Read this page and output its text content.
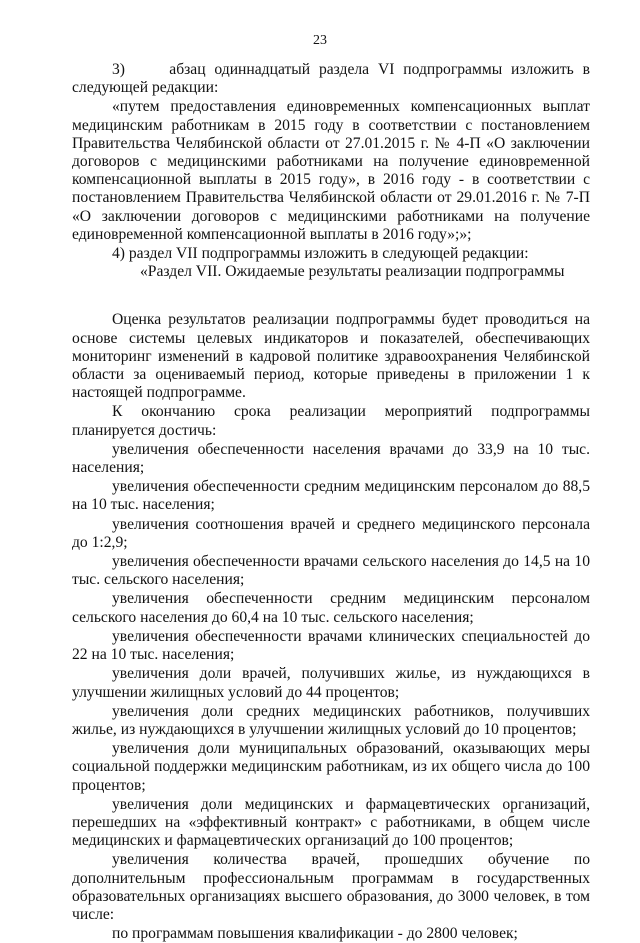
23

3)     абзац одиннадцатый раздела VI подпрограммы изложить в следующей редакции:

«путем предоставления единовременных компенсационных выплат медицинским работникам в 2015 году в соответствии с постановлением Правительства Челябинской области от 27.01.2015 г. № 4-П «О заключении договоров с медицинскими работниками на получение единовременной компенсационной выплаты в 2015 году», в 2016 году - в соответствии с постановлением Правительства Челябинской области от 29.01.2016 г. № 7-П «О заключении договоров с медицинскими работниками на получение единовременной компенсационной выплаты в 2016 году»;»;

4) раздел VII подпрограммы изложить в следующей редакции:

«Раздел VII. Ожидаемые результаты реализации подпрограммы

Оценка результатов реализации подпрограммы будет проводиться на основе системы целевых индикаторов и показателей, обеспечивающих мониторинг изменений в кадровой политике здравоохранения Челябинской области за оцениваемый период, которые приведены в приложении 1 к настоящей подпрограмме.

К окончанию срока реализации мероприятий подпрограммы планируется достичь:

увеличения обеспеченности населения врачами до 33,9 на 10 тыс. населения;

увеличения обеспеченности средним медицинским персоналом до 88,5 на 10 тыс. населения;

увеличения соотношения врачей и среднего медицинского персонала до 1:2,9;

увеличения обеспеченности врачами сельского населения до 14,5 на 10 тыс. сельского населения;

увеличения обеспеченности средним медицинским персоналом сельского населения до 60,4 на 10 тыс. сельского населения;

увеличения обеспеченности врачами клинических специальностей до 22 на 10 тыс. населения;

увеличения доли врачей, получивших жилье, из нуждающихся в улучшении жилищных условий до 44 процентов;

увеличения доли средних медицинских работников, получивших жилье, из нуждающихся в улучшении жилищных условий до 10 процентов;

увеличения доли муниципальных образований, оказывающих меры социальной поддержки медицинским работникам, из их общего числа до 100 процентов;

увеличения доли медицинских и фармацевтических организаций, перешедших на «эффективный контракт» с работниками, в общем числе медицинских и фармацевтических организаций до 100 процентов;

увеличения количества врачей, прошедших обучение по дополнительным профессиональным программам в государственных образовательных организациях высшего образования, до 3000 человек, в том числе:

по программам повышения квалификации - до 2800 человек;
